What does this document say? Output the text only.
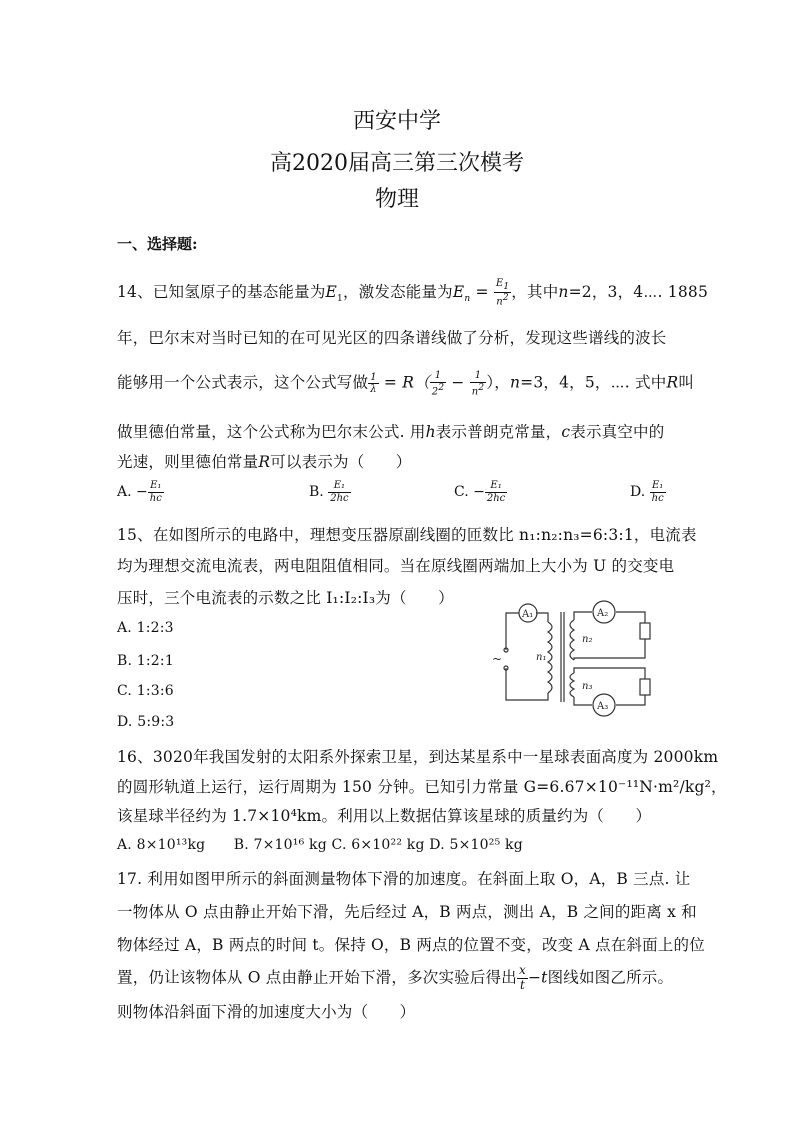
西安中学
高2020届高三第三次模考
物理
一、选择题:
14、已知氢原子的基态能量为$E_1$，激发态能量为$E_n = \frac{E_1}{n^2}$ ，其中n=2，3，4⋯. 1885
年，巴尔末对当时已知的在可见光区的四条谱线做了分析，发现这些谱线的波长
能够用一个公式表示，这个公式写做 $\frac{1}{\lambda} = R( \frac{1}{2^2} - \frac{1}{n^2}$ ），n=3，4，5，⋯. 式中R叫
做里德伯常量，这个公式称为巴尔末公式. 用h表示普朗克常量，c表示真空中的
光速，则里德伯常量R可以表示为（　　）
A. − $\frac{\text{E₁}}{hc}$	B. $\frac{\text{E₁}}{2hc}$	C. − $\frac{\text{E₁}}{2hc}$	D. $\frac{\text{E₁}}{hc}$
15、在如图所示的电路中，理想变压器原副线圈的匝数比 n₁:n₂:n₃=6:3:1，电流表
均为理想交流电流表，两电阻阻值相同。当在原线圈两端加上大小为 U 的交变电
压时，三个电流表的示数之比 I₁:I₂:I₃为（　　）
A. 1:2:3
B. 1:2:1
C. 1:3:6
D. 5:9:3
A₁	A₂
A₃
n₁
n₂
n₃
~
16、3020年我国发射的太阳系外探索卫星，到达某星系中一星球表面高度为 2000km
的圆形轨道上运行，运行周期为 150 分钟。已知引力常量 G=6.67×10⁻¹¹N·m²/kg²，
该星球半径约为 1.7×10⁴km。利用以上数据估算该星球的质量约为（　　）
A. 8×10¹³kg　　B. 7×10¹⁶ kg C. 6×10²² kg D. 5×10²⁵ kg
17. 利用如图甲所示的斜面测量物体下滑的加速度。在斜面上取 O，A，B 三点. 让
一物体从 O 点由静止开始下滑，先后经过 A，B 两点，测出 A，B 之间的距离 x 和
物体经过 A，B 两点的时间 t。保持 O，B 两点的位置不变，改变 A 点在斜面上的位
置，仍让该物体从 O 点由静止开始下滑，多次实验后得出 $\frac{x}{t} -t$图线如图乙所示。
则物体沿斜面下滑的加速度大小为（　　）
